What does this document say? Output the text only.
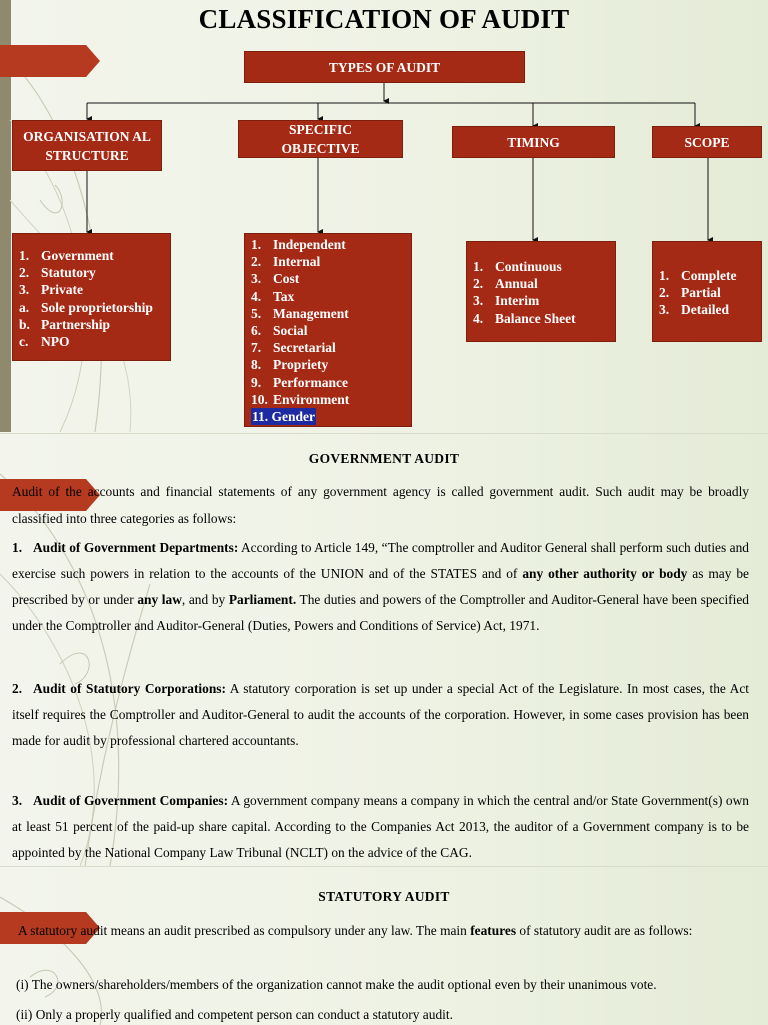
CLASSIFICATION OF AUDIT
TYPES OF AUDIT
ORGANISATION AL STRUCTURE
SPECIFIC OBJECTIVE	TIMING	SCOPE
1. Government
2. Statutory
3. Private
a. Sole proprietorship
b. Partnership
c. NPO
1. Independent
2. Internal
3. Cost
4. Tax
5. Management
6. Social
7. Secretarial
8. Propriety
9. Performance
10. Environment
11. Gender
1. Continuous
2. Annual
3. Interim
4. Balance Sheet
1. Complete
2. Partial
3. Detailed
GOVERNMENT AUDIT
Audit of the accounts and financial statements of any government agency is called government audit. Such audit may be broadly classified into three categories as follows:
1. Audit of Government Departments: According to Article 149, “The comptroller and Auditor General shall perform such duties and exercise such powers in relation to the accounts of the UNION and of the STATES and of any other authority or body as may be prescribed by or under any law, and by Parliament. The duties and powers of the Comptroller and Auditor-General have been specified under the Comptroller and Auditor-General (Duties, Powers and Conditions of Service) Act, 1971.
2. Audit of Statutory Corporations: A statutory corporation is set up under a special Act of the Legislature. In most cases, the Act itself requires the Comptroller and Auditor-General to audit the accounts of the corporation. However, in some cases provision has been made for audit by professional chartered accountants.
3. Audit of Government Companies: A government company means a company in which the central and/or State Government(s) own at least 51 percent of the paid-up share capital. According to the Companies Act 2013, the auditor of a Government company is to be appointed by the National Company Law Tribunal (NCLT) on the advice of the CAG.
STATUTORY AUDIT
A statutory audit means an audit prescribed as compulsory under any law. The main features of statutory audit are as follows:
(i) The owners/shareholders/members of the organization cannot make the audit optional even by their unanimous vote.
(ii) Only a properly qualified and competent person can conduct a statutory audit.
